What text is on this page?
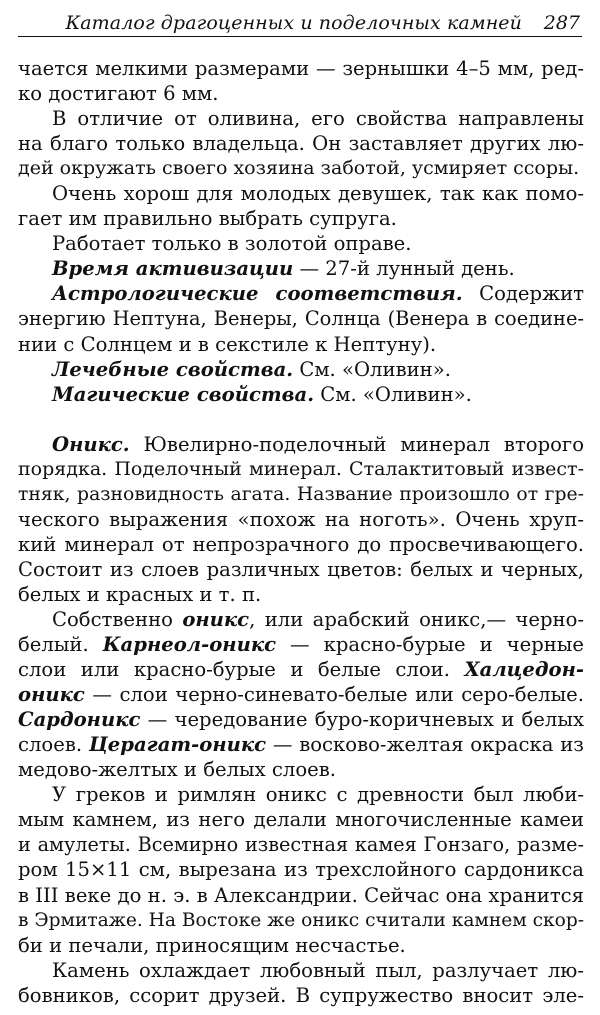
Каталог драгоценных и поделочных камней 287
чается мелкими размерами — зернышки 4–5 мм, ред-
ко достигают 6 мм.
В отличие от оливина, его свойства направлены
на благо только владельца. Он заставляет других лю-
дей окружать своего хозяина заботой, усмиряет ссоры.
Очень хорош для молодых девушек, так как помо-
гает им правильно выбрать супруга.
Работает только в золотой оправе.
Время активизации — 27-й лунный день.
Астрологические соответствия. Содержит
энергию Нептуна, Венеры, Солнца (Венера в соедине-
нии с Солнцем и в секстиле к Нептуну).
Лечебные свойства. См. «Оливин».
Магические свойства. См. «Оливин».
Оникс. Ювелирно-поделочный минерал второго
порядка. Поделочный минерал. Сталактитовый извест-
тняк, разновидность агата. Название произошло от гре-
ческого выражения «похож на ноготь». Очень хруп-
кий минерал от непрозрачного до просвечивающего.
Состоит из слоев различных цветов: белых и черных,
белых и красных и т. п.
Собственно оникс, или арабский оникс,— черно-
белый. Карнеол-оникс — красно-бурые и черные
слои или красно-бурые и белые слои. Халцедон-
оникс — слои черно-синевато-белые или серо-белые.
Сардоникс — чередование буро-коричневых и белых
слоев. Церагат-оникс — восково-желтая окраска из
медово-желтых и белых слоев.
У греков и римлян оникс с древности был люби-
мым камнем, из него делали многочисленные камеи
и амулеты. Всемирно известная камея Гонзаго, разме-
ром 15×11 см, вырезана из трехслойного сардоникса
в III веке до н. э. в Александрии. Сейчас она хранится
в Эрмитаже. На Востоке же оникс считали камнем скор-
би и печали, приносящим несчастье.
Камень охлаждает любовный пыл, разлучает лю-
бовников, ссорит друзей. В супружество вносит эле-
